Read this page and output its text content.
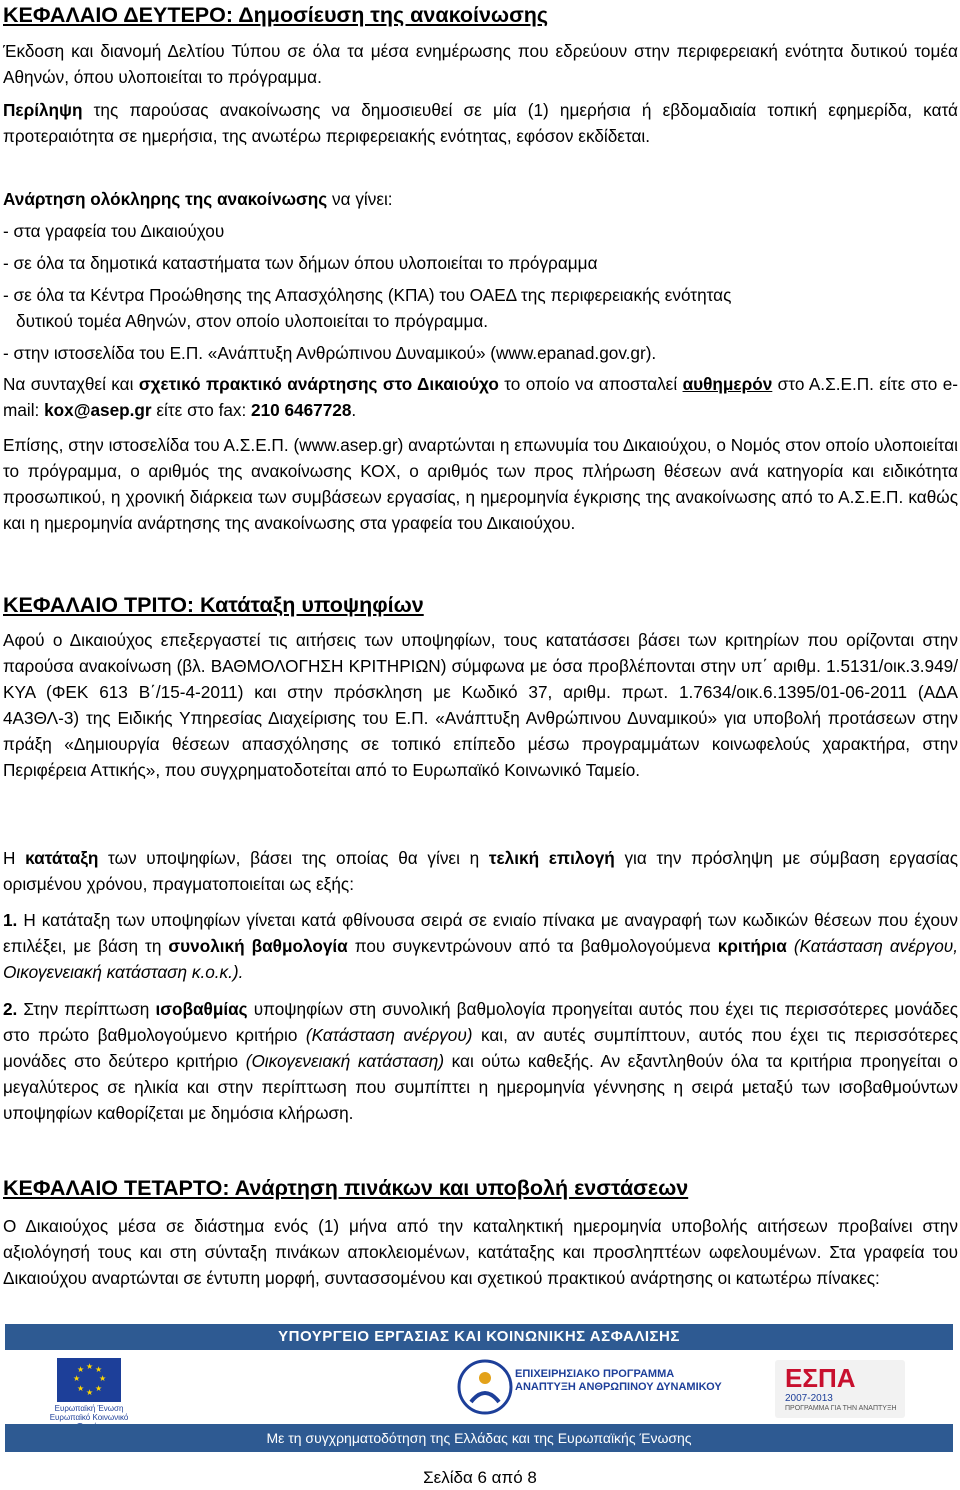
ΚΕΦΑΛΑΙΟ ΔΕΥΤΕΡΟ: Δημοσίευση της ανακοίνωσης

Έκδοση και διανομή Δελτίου Τύπου σε όλα τα μέσα ενημέρωσης που εδρεύουν στην περιφερειακή ενότητα δυτικού τομέα Αθηνών, όπου υλοποιείται το πρόγραμμα.

Περίληψη της παρούσας ανακοίνωσης να δημοσιευθεί σε μία (1) ημερήσια ή εβδομαδιαία τοπική εφημερίδα, κατά προτεραιότητα σε ημερήσια, της ανωτέρω περιφερειακής ενότητας, εφόσον εκδίδεται.

Ανάρτηση ολόκληρης της ανακοίνωσης να γίνει:

- στα γραφεία του Δικαιούχου
- σε όλα τα δημοτικά καταστήματα των δήμων όπου υλοποιείται το πρόγραμμα
- σε όλα τα Κέντρα Προώθησης της Απασχόλησης (ΚΠΑ) του ΟΑΕΔ της περιφερειακής ενότητας
δυτικού τομέα Αθηνών, στον οποίο υλοποιείται το πρόγραμμα.
- στην ιστοσελίδα του Ε.Π. «Ανάπτυξη Ανθρώπινου Δυναμικού» (www.epanad.gov.gr).

Να συνταχθεί και σχετικό πρακτικό ανάρτησης στο Δικαιούχο το οποίο να αποσταλεί αυθημερόν στο Α.Σ.Ε.Π. είτε στο e-mail: kox@asep.gr είτε στο fax: 210 6467728.

Επίσης, στην ιστοσελίδα του Α.Σ.Ε.Π. (www.asep.gr) αναρτώνται η επωνυμία του Δικαιούχου, ο Νομός στον οποίο υλοποιείται το πρόγραμμα, ο αριθμός της ανακοίνωσης ΚΟΧ, ο αριθμός των προς πλήρωση θέσεων ανά κατηγορία και ειδικότητα προσωπικού, η χρονική διάρκεια των συμβάσεων εργασίας, η ημερομηνία έγκρισης της ανακοίνωσης από το Α.Σ.Ε.Π. καθώς και η ημερομηνία ανάρτησης της ανακοίνωσης στα γραφεία του Δικαιούχου.

ΚΕΦΑΛΑΙΟ ΤΡΙΤΟ: Κατάταξη υποψηφίων

Αφού ο Δικαιούχος επεξεργαστεί τις αιτήσεις των υποψηφίων, τους κατατάσσει βάσει των κριτηρίων που ορίζονται στην παρούσα ανακοίνωση (βλ. ΒΑΘΜΟΛΟΓΗΣΗ ΚΡΙΤΗΡΙΩΝ) σύμφωνα με όσα προβλέπονται στην υπ΄ αριθμ. 1.5131/οικ.3.949/ΚΥΑ (ΦΕΚ 613 Β΄/15-4-2011) και στην πρόσκληση με Κωδικό 37, αριθμ. πρωτ. 1.7634/οικ.6.1395/01-06-2011 (ΑΔΑ 4Α3ΘΛ-3) της Ειδικής Υπηρεσίας Διαχείρισης του Ε.Π. «Ανάπτυξη Ανθρώπινου Δυναμικού» για υποβολή προτάσεων στην πράξη «Δημιουργία θέσεων απασχόλησης σε τοπικό επίπεδο μέσω προγραμμάτων κοινωφελούς χαρακτήρα, στην Περιφέρεια Αττικής», που συγχρηματοδοτείται από το Ευρωπαϊκό Κοινωνικό Ταμείο.

Η κατάταξη των υποψηφίων, βάσει της οποίας θα γίνει η τελική επιλογή για την πρόσληψη με σύμβαση εργασίας ορισμένου χρόνου, πραγματοποιείται ως εξής:

1. Η κατάταξη των υποψηφίων γίνεται κατά φθίνουσα σειρά σε ενιαίο πίνακα με αναγραφή των κωδικών θέσεων που έχουν επιλέξει, με βάση τη συνολική βαθμολογία που συγκεντρώνουν από τα βαθμολογούμενα κριτήρια (Κατάσταση ανέργου, Οικογενειακή κατάσταση κ.ο.κ.).

2. Στην περίπτωση ισοβαθμίας υποψηφίων στη συνολική βαθμολογία προηγείται αυτός που έχει τις περισσότερες μονάδες στο πρώτο βαθμολογούμενο κριτήριο (Κατάσταση ανέργου) και, αν αυτές συμπίπτουν, αυτός που έχει τις περισσότερες μονάδες στο δεύτερο κριτήριο (Οικογενειακή κατάσταση) και ούτω καθεξής. Αν εξαντληθούν όλα τα κριτήρια προηγείται ο μεγαλύτερος σε ηλικία και στην περίπτωση που συμπίπτει η ημερομηνία γέννησης η σειρά μεταξύ των ισοβαθμούντων υποψηφίων καθορίζεται με δημόσια κλήρωση.

ΚΕΦΑΛΑΙΟ ΤΕΤΑΡΤΟ: Ανάρτηση πινάκων και υποβολή ενστάσεων

Ο Δικαιούχος μέσα σε διάστημα ενός (1) μήνα από την καταληκτική ημερομηνία υποβολής αιτήσεων προβαίνει στην αξιολόγησή τους και στη σύνταξη πινάκων αποκλειομένων, κατάταξης και προσληπτέων ωφελουμένων. Στα γραφεία του Δικαιούχου αναρτώνται σε έντυπη μορφή, συντασσομένου και σχετικού πρακτικού ανάρτησης οι κατωτέρω πίνακες:

ΥΠΟΥΡΓΕΙΟ ΕΡΓΑΣΙΑΣ ΚΑΙ ΚΟΙΝΩΝΙΚΗΣ ΑΣΦΑΛΙΣΗΣ
★ ★
★
★
★
★
★
★
Ευρωπαϊκή Ένωση
Ευρωπαϊκό Κοινωνικό
ΕΠΙΧΕΙΡΗΣΙΑΚΟ ΠΡΟΓΡΑΜΜΑ
ΑΝΑΠΤΥΞΗ ΑΝΘΡΩΠΙΝΟΥ ΔΥΝΑΜΙΚΟΥ	ΕΣΠΑ
2007-2013
ΠΡΟΓΡΑΜΜΑ ΓΙΑ ΤΗΝ ΑΝΑΠΤΥΞΗ
Με τη συγχρηματοδότηση της Ελλάδας και της Ευρωπαϊκής Ένωσης
Σελίδα 6 από 8
